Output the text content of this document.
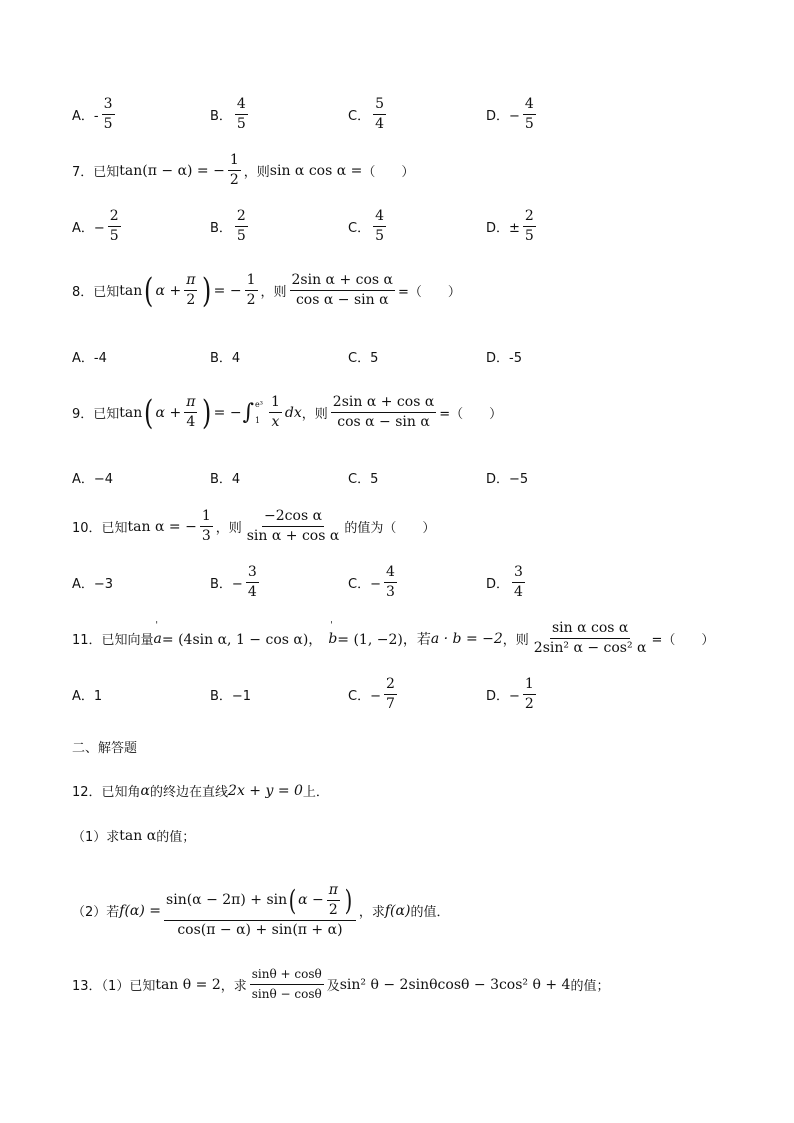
A．- $\frac{3}{5}$	B． $\frac{4}{5}$	C． $\frac{5}{4}$	D．− $\frac{4}{5}$
7．已知 tan(π − α) = − $\frac{1}{2}$ ，则 sin α cos α = （　　）
A．− $\frac{2}{5}$	B． $\frac{2}{5}$	C． $\frac{4}{5}$	D．± $\frac{2}{5}$
8．已知 tan ( $\alpha + \frac{\pi}{2}$ ) = − $\frac{1}{2}$ ，则 $\frac{\text{2sin α + cos α}}{\text{cos α − sin α}}$ =（　　）
A．-4	B．4	C．5	D．-5
9．已知 tan ( $\alpha + \frac{\pi}{4}$ ) = − ∫ e³
$1 \frac{1}{x}$ dx ，则 $\frac{\text{2sin α + cos α}}{\text{cos α − sin α}}$ =（　　）
A．−4	B．4	C．5	D．−5
10．已知 tan α = − $\frac{1}{3}$ ，则 $\frac{\text{−2cos α}}{\text{sin α + cos α}}$ 的值为（　　）
A．−3	B．− $\frac{3}{4}$	C．− $\frac{4}{3}$	D． $\frac{3}{4}$
11．已知向量 ' a = (4sin α, 1 − cos α)， ' b = (1, −2)，若 a · b = −2 ，则 $\frac{\text{sin α cos α}}{\text{2sin² α − cos² α}}$ =（　　）
A．1	B．−1	C．− $\frac{2}{7}$	D．− $\frac{1}{2}$
二、解答题
12．已知角 α 的终边在直线 2x + y = 0 上．
（1）求 tan α 的值；
（2）若 $f(\alpha) = \frac{\sin(\alpha - 2\pi) + \sin ( \alpha - \frac{\pi}{2} )}{\cos(\pi - \alpha) + \sin(\pi + \alpha)}$ ，求 f(α) 的值．
13．（1）已知 tan θ = 2 ，求 $\frac{\sin\theta + \cos\theta}{\sin\theta - \cos\theta}$ 及 sin² θ − 2sinθcosθ − 3cos² θ + 4 的值；
